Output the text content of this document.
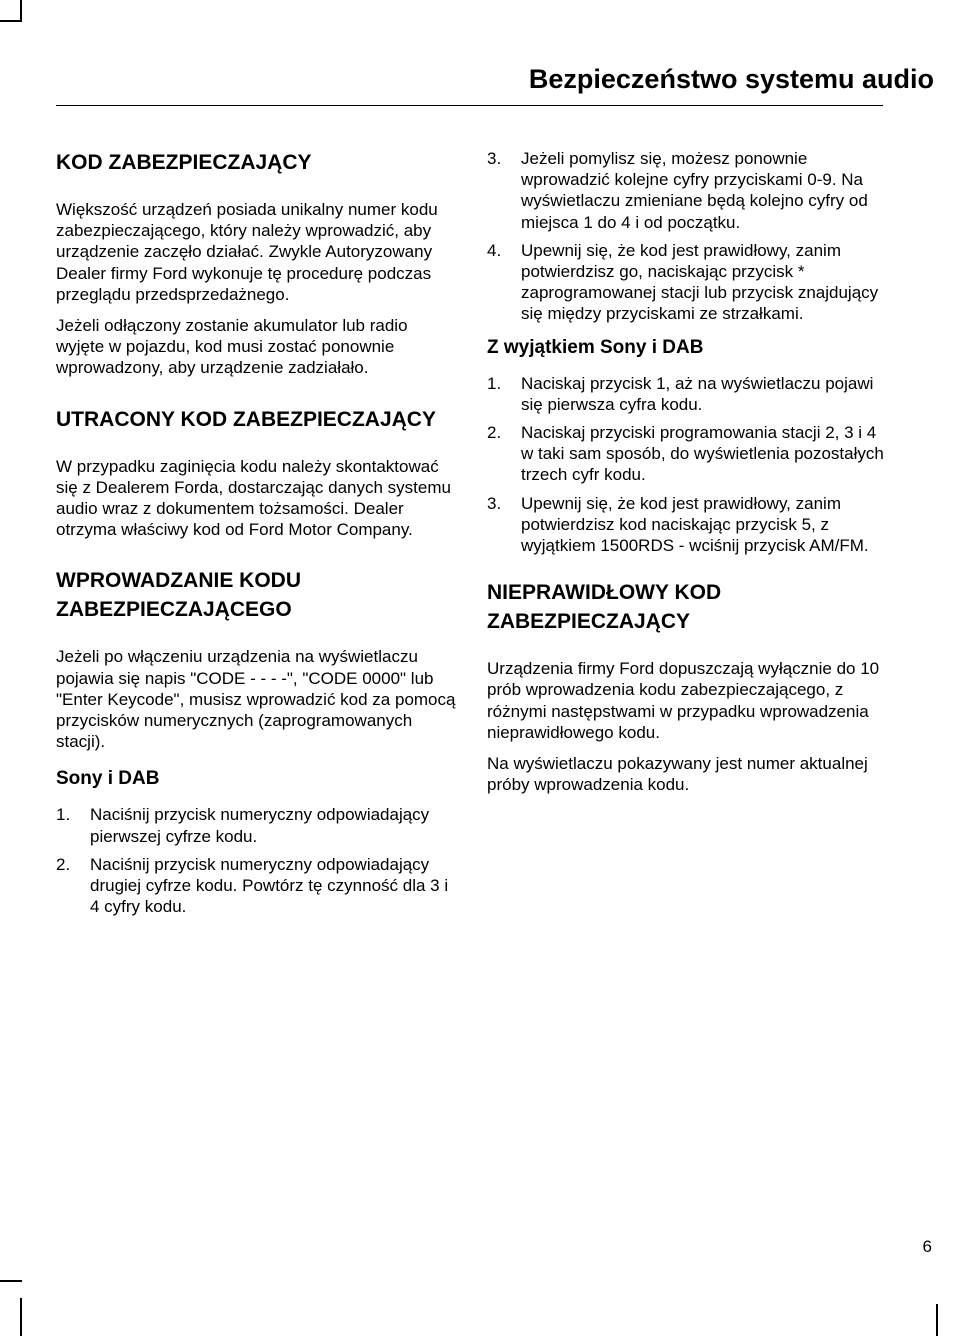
Bezpieczeństwo systemu audio
KOD ZABEZPIECZAJĄCY

Większość urządzeń posiada unikalny numer kodu zabezpieczającego, który należy wprowadzić, aby urządzenie zaczęło działać. Zwykle Autoryzowany Dealer firmy Ford wykonuje tę procedurę podczas przeglądu przedsprzedażnego.

Jeżeli odłączony zostanie akumulator lub radio wyjęte w pojazdu, kod musi zostać ponownie wprowadzony, aby urządzenie zadziałało.

UTRACONY KOD ZABEZPIECZAJĄCY

W przypadku zaginięcia kodu należy skontaktować się z Dealerem Forda, dostarczając danych systemu audio wraz z dokumentem tożsamości. Dealer otrzyma właściwy kod od Ford Motor Company.

WPROWADZANIE KODU ZABEZPIECZAJĄCEGO

Jeżeli po włączeniu urządzenia na wyświetlaczu pojawia się napis "CODE - - - -", "CODE 0000" lub "Enter Keycode", musisz wprowadzić kod za pomocą przycisków numerycznych (zaprogramowanych stacji).

Sony i DAB
1. Naciśnij przycisk numeryczny odpowiadający pierwszej cyfrze kodu.
2. Naciśnij przycisk numeryczny odpowiadający drugiej cyfrze kodu. Powtórz tę czynność dla 3 i 4 cyfry kodu.
3. Jeżeli pomylisz się, możesz ponownie wprowadzić kolejne cyfry przyciskami 0-9. Na wyświetlaczu zmieniane będą kolejno cyfry od miejsca 1 do 4 i od początku.
4. Upewnij się, że kod jest prawidłowy, zanim potwierdzisz go, naciskając przycisk * zaprogramowanej stacji lub przycisk znajdujący się między przyciskami ze strzałkami.
Z wyjątkiem Sony i DAB
1. Naciskaj przycisk 1, aż na wyświetlaczu pojawi się pierwsza cyfra kodu.
2. Naciskaj przyciski programowania stacji 2, 3 i 4 w taki sam sposób, do wyświetlenia pozostałych trzech cyfr kodu.
3. Upewnij się, że kod jest prawidłowy, zanim potwierdzisz kod naciskając przycisk 5, z wyjątkiem 1500RDS - wciśnij przycisk AM/FM.
NIEPRAWIDŁOWY KOD ZABEZPIECZAJĄCY

Urządzenia firmy Ford dopuszczają wyłącznie do 10 prób wprowadzenia kodu zabezpieczającego, z różnymi następstwami w przypadku wprowadzenia nieprawidłowego kodu.

Na wyświetlaczu pokazywany jest numer aktualnej próby wprowadzenia kodu.

6
